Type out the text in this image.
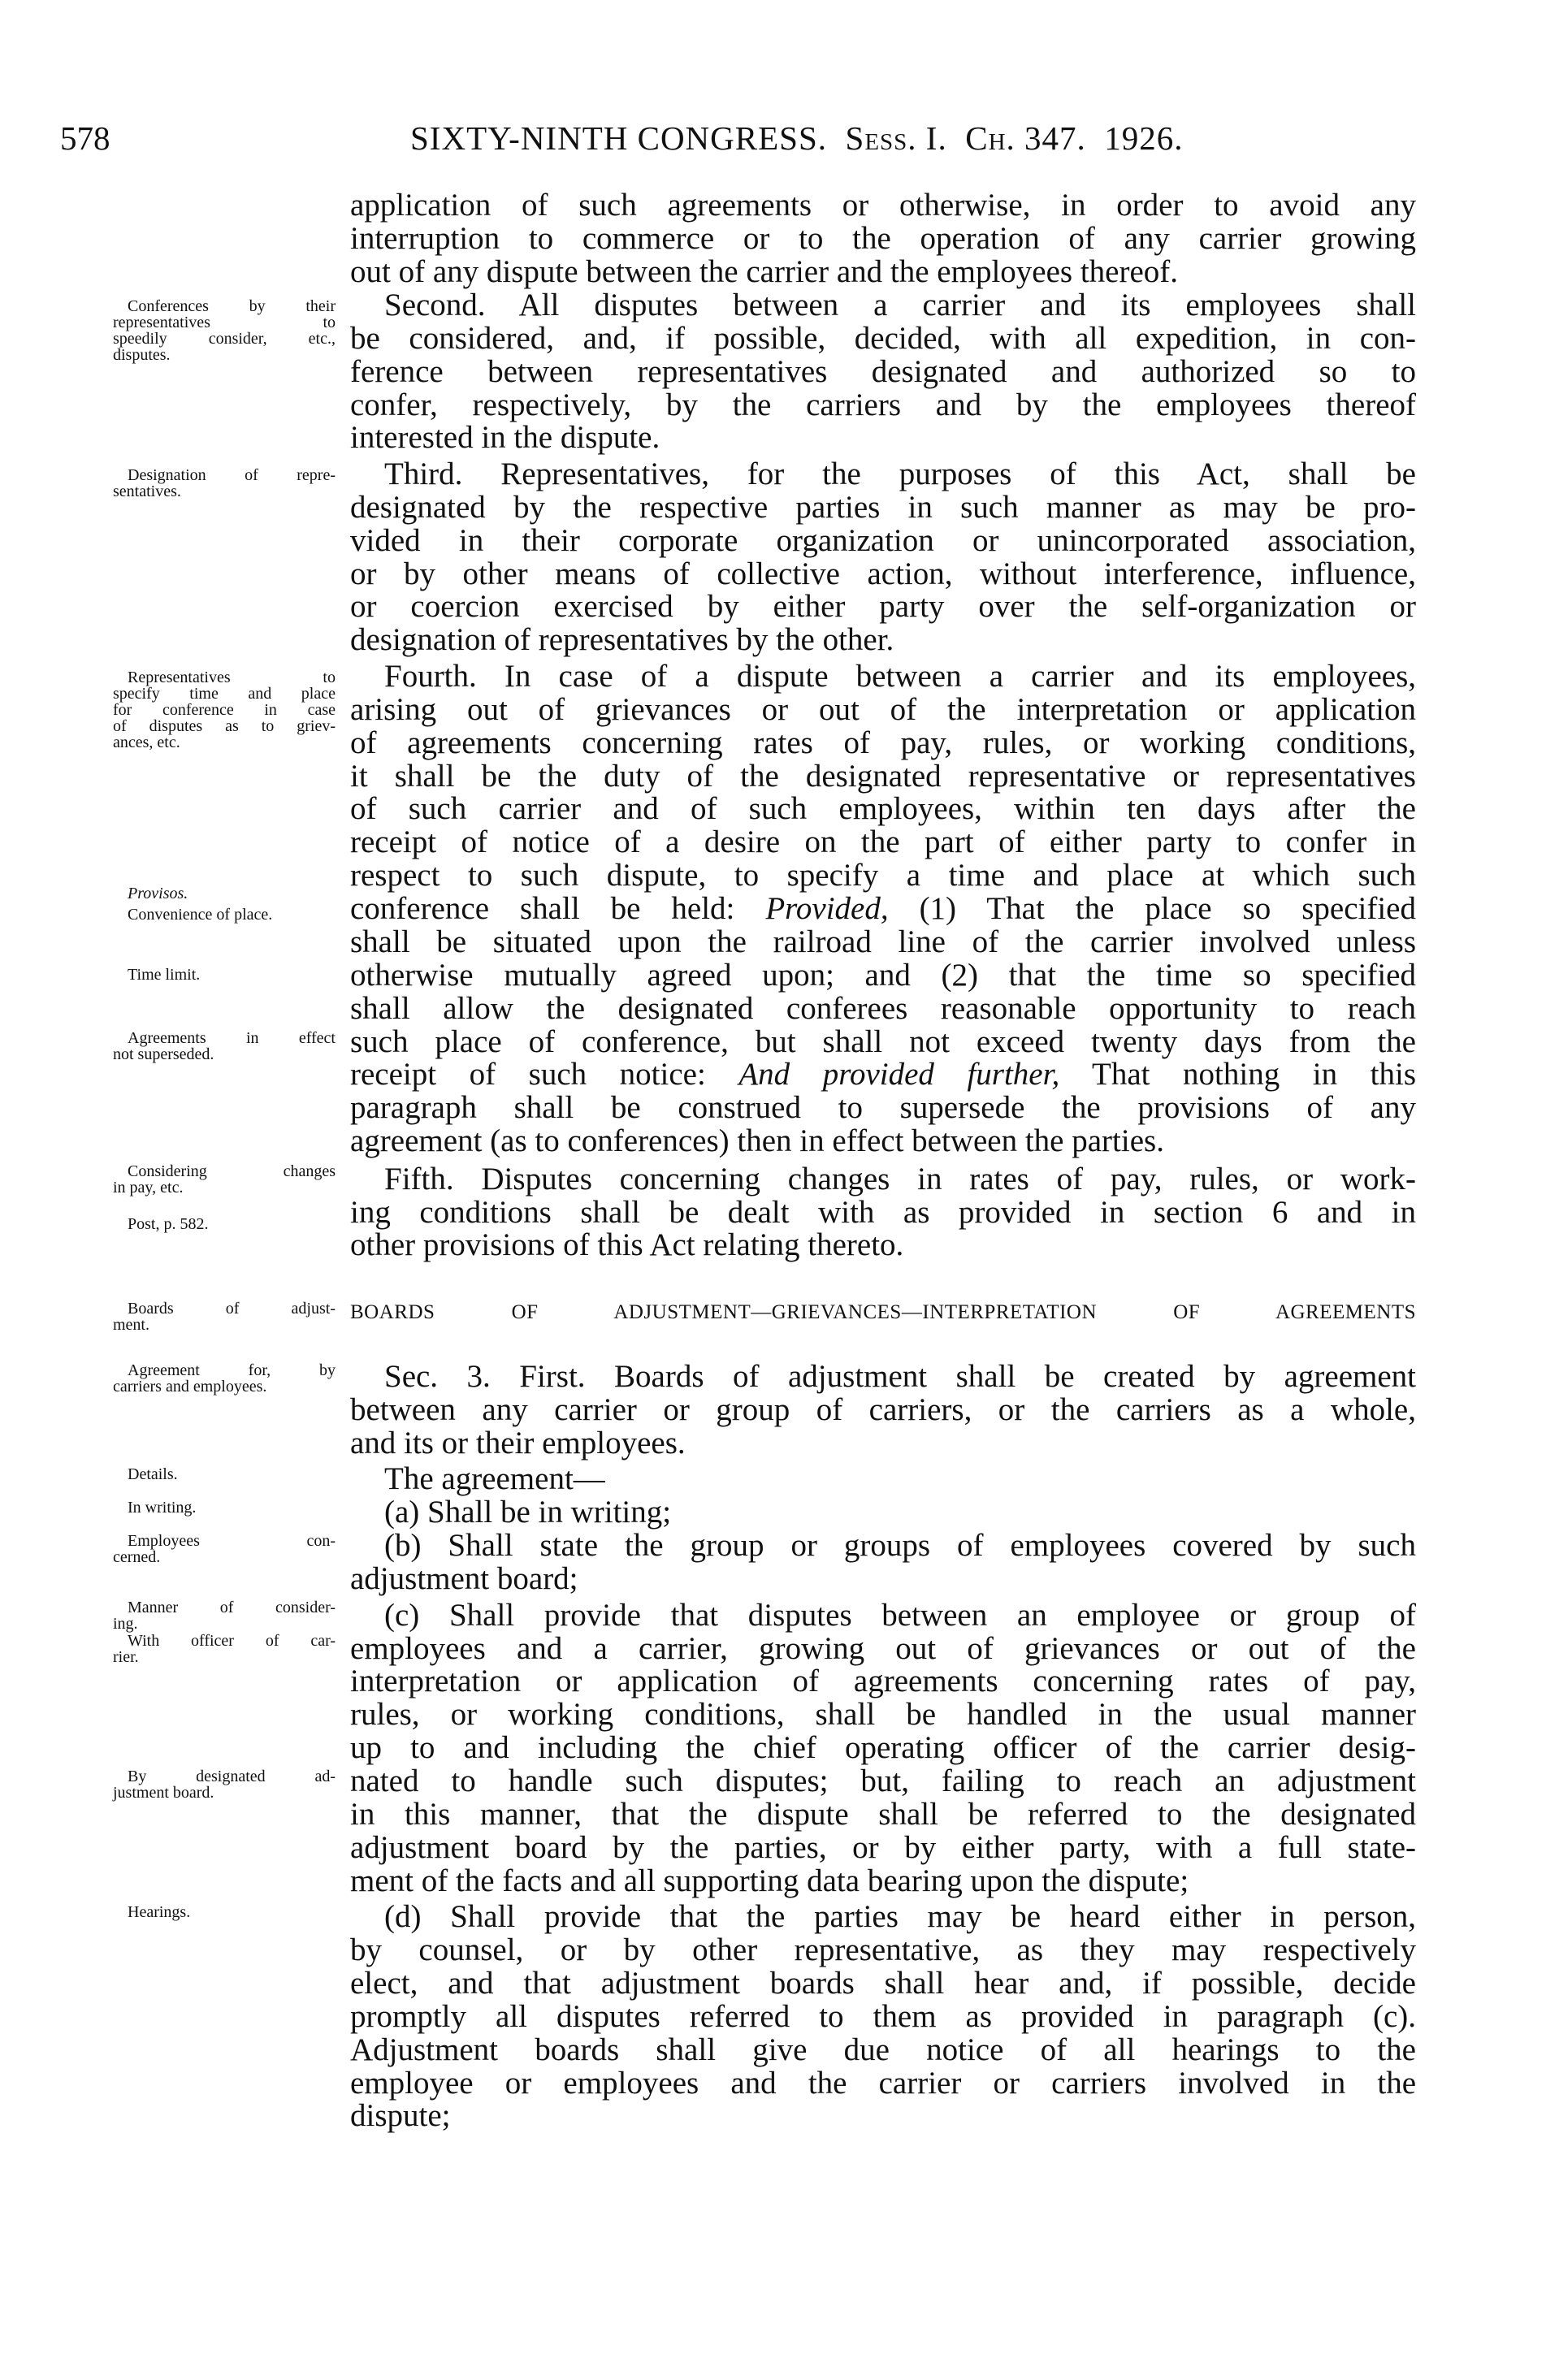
578	SIXTY-NINTH CONGRESS. Sess. I. Ch. 347. 1926.
application of such agreements or otherwise, in order to avoid any
interruption to commerce or to the operation of any carrier growing
out of any dispute between the carrier and the employees thereof.
Second. All disputes between a carrier and its employees shall
be considered, and, if possible, decided, with all expedition, in con-
ference between representatives designated and authorized so to
confer, respectively, by the carriers and by the employees thereof
interested in the dispute.
Third. Representatives, for the purposes of this Act, shall be
designated by the respective parties in such manner as may be pro-
vided in their corporate organization or unincorporated association,
or by other means of collective action, without interference, influence,
or coercion exercised by either party over the self-organization or
designation of representatives by the other.
Fourth. In case of a dispute between a carrier and its employees,
arising out of grievances or out of the interpretation or application
of agreements concerning rates of pay, rules, or working conditions,
it shall be the duty of the designated representative or representatives
of such carrier and of such employees, within ten days after the
receipt of notice of a desire on the part of either party to confer in
respect to such dispute, to specify a time and place at which such
conference shall be held: Provided, (1) That the place so specified
shall be situated upon the railroad line of the carrier involved unless
otherwise mutually agreed upon; and (2) that the time so specified
shall allow the designated conferees reasonable opportunity to reach
such place of conference, but shall not exceed twenty days from the
receipt of such notice: And provided further, That nothing in this
paragraph shall be construed to supersede the provisions of any
agreement (as to conferences) then in effect between the parties.
Fifth. Disputes concerning changes in rates of pay, rules, or work-
ing conditions shall be dealt with as provided in section 6 and in
other provisions of this Act relating thereto.
Sec. 3. First. Boards of adjustment shall be created by agreement
between any carrier or group of carriers, or the carriers as a whole,
and its or their employees.
The agreement—
(a) Shall be in writing;
(b) Shall state the group or groups of employees covered by such
adjustment board;
(c) Shall provide that disputes between an employee or group of
employees and a carrier, growing out of grievances or out of the
interpretation or application of agreements concerning rates of pay,
rules, or working conditions, shall be handled in the usual manner
up to and including the chief operating officer of the carrier desig-
nated to handle such disputes; but, failing to reach an adjustment
in this manner, that the dispute shall be referred to the designated
adjustment board by the parties, or by either party, with a full state-
ment of the facts and all supporting data bearing upon the dispute;
(d) Shall provide that the parties may be heard either in person,
by counsel, or by other representative, as they may respectively
elect, and that adjustment boards shall hear and, if possible, decide
promptly all disputes referred to them as provided in paragraph (c).
Adjustment boards shall give due notice of all hearings to the
employee or employees and the carrier or carriers involved in the
dispute;
BOARDS OF ADJUSTMENT—GRIEVANCES—INTERPRETATION OF AGREEMENTS
Conferences by their
representatives to
speedily consider, etc.,
disputes.
Designation of repre-
sentatives.
Representatives to
specify time and place
for conference in case
of disputes as to griev-
ances, etc.
Provisos.
Convenience of place.
Time limit.
Agreements in effect
not superseded.
Considering changes
in pay, etc.
Post, p. 582.
Boards of adjust-
ment.
Agreement for, by
carriers and employees.
Details.
In writing.
Employees con-
cerned.
Manner of consider-
ing.
With officer of car-
rier.
By designated ad-
justment board.
Hearings.
